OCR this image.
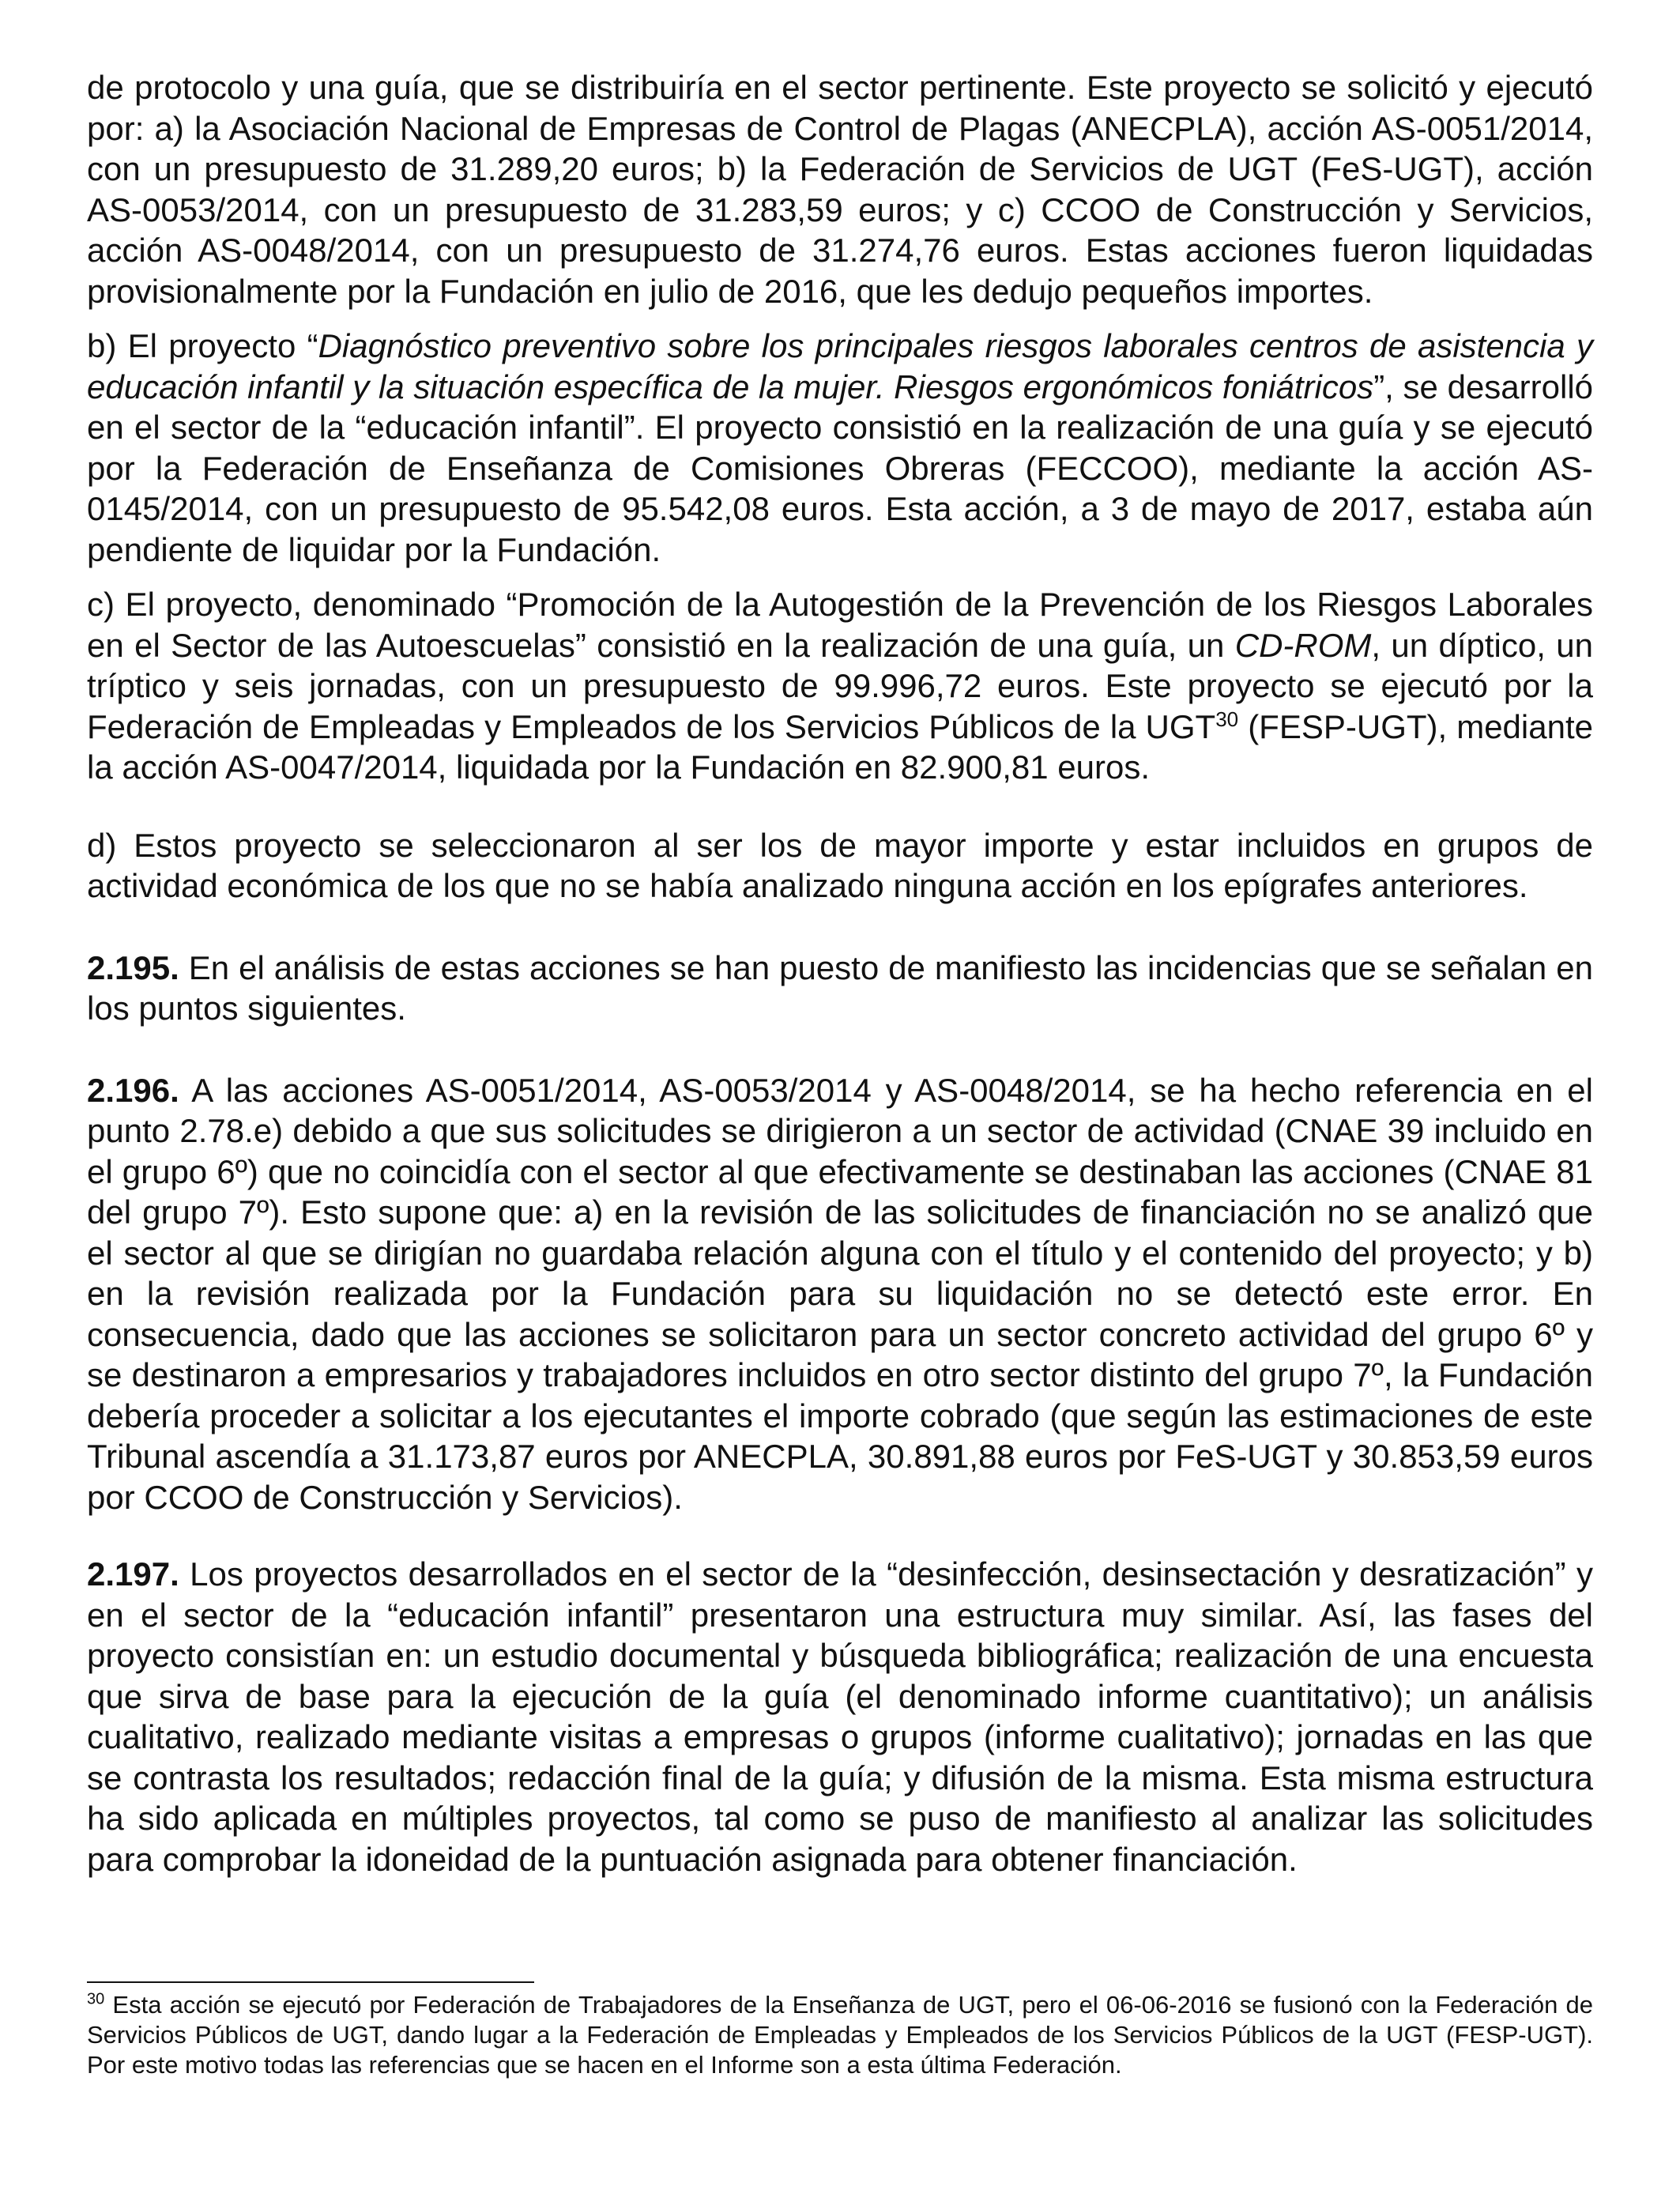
de protocolo y una guía, que se distribuiría en el sector pertinente. Este proyecto se solicitó y ejecutó por: a) la Asociación Nacional de Empresas de Control de Plagas (ANECPLA), acción AS-0051/2014, con un presupuesto de 31.289,20 euros; b) la Federación de Servicios de UGT (FeS-UGT), acción AS-0053/2014, con un presupuesto de 31.283,59 euros; y c) CCOO de Construcción y Servicios, acción AS-0048/2014, con un presupuesto de 31.274,76 euros. Estas acciones fueron liquidadas provisionalmente por la Fundación en julio de 2016, que les dedujo pequeños importes.

b) El proyecto “Diagnóstico preventivo sobre los principales riesgos laborales centros de asistencia y educación infantil y la situación específica de la mujer. Riesgos ergonómicos foniátricos”, se desarrolló en el sector de la “educación infantil”. El proyecto consistió en la realización de una guía y se ejecutó por la Federación de Enseñanza de Comisiones Obreras (FECCOO), mediante la acción AS-0145/2014, con un presupuesto de 95.542,08 euros. Esta acción, a 3 de mayo de 2017, estaba aún pendiente de liquidar por la Fundación.

c) El proyecto, denominado “Promoción de la Autogestión de la Prevención de los Riesgos Laborales en el Sector de las Autoescuelas” consistió en la realización de una guía, un CD-ROM, un díptico, un tríptico y seis jornadas, con un presupuesto de 99.996,72 euros. Este proyecto se ejecutó por la Federación de Empleadas y Empleados de los Servicios Públicos de la UGT$^{30}$ (FESP-UGT), mediante la acción AS-0047/2014, liquidada por la Fundación en 82.900,81 euros.

d) Estos proyecto se seleccionaron al ser los de mayor importe y estar incluidos en grupos de actividad económica de los que no se había analizado ninguna acción en los epígrafes anteriores.

2.195. En el análisis de estas acciones se han puesto de manifiesto las incidencias que se señalan en los puntos siguientes.

2.196. A las acciones AS-0051/2014, AS-0053/2014 y AS-0048/2014, se ha hecho referencia en el punto 2.78.e) debido a que sus solicitudes se dirigieron a un sector de actividad (CNAE 39 incluido en el grupo 6º) que no coincidía con el sector al que efectivamente se destinaban las acciones (CNAE 81 del grupo 7º). Esto supone que: a) en la revisión de las solicitudes de financiación no se analizó que el sector al que se dirigían no guardaba relación alguna con el título y el contenido del proyecto; y b) en la revisión realizada por la Fundación para su liquidación no se detectó este error. En consecuencia, dado que las acciones se solicitaron para un sector concreto actividad del grupo 6º y se destinaron a empresarios y trabajadores incluidos en otro sector distinto del grupo 7º, la Fundación debería proceder a solicitar a los ejecutantes el importe cobrado (que según las estimaciones de este Tribunal ascendía a 31.173,87 euros por ANECPLA, 30.891,88 euros por FeS-UGT y 30.853,59 euros por CCOO de Construcción y Servicios).

2.197. Los proyectos desarrollados en el sector de la “desinfección, desinsectación y desratización” y en el sector de la “educación infantil” presentaron una estructura muy similar. Así, las fases del proyecto consistían en: un estudio documental y búsqueda bibliográfica; realización de una encuesta que sirva de base para la ejecución de la guía (el denominado informe cuantitativo); un análisis cualitativo, realizado mediante visitas a empresas o grupos (informe cualitativo); jornadas en las que se contrasta los resultados; redacción final de la guía; y difusión de la misma. Esta misma estructura ha sido aplicada en múltiples proyectos, tal como se puso de manifiesto al analizar las solicitudes para comprobar la idoneidad de la puntuación asignada para obtener financiación.

$^{30}$ Esta acción se ejecutó por Federación de Trabajadores de la Enseñanza de UGT, pero el 06-06-2016 se fusionó con la Federación de Servicios Públicos de UGT, dando lugar a la Federación de Empleadas y Empleados de los Servicios Públicos de la UGT (FESP-UGT). Por este motivo todas las referencias que se hacen en el Informe son a esta última Federación.
